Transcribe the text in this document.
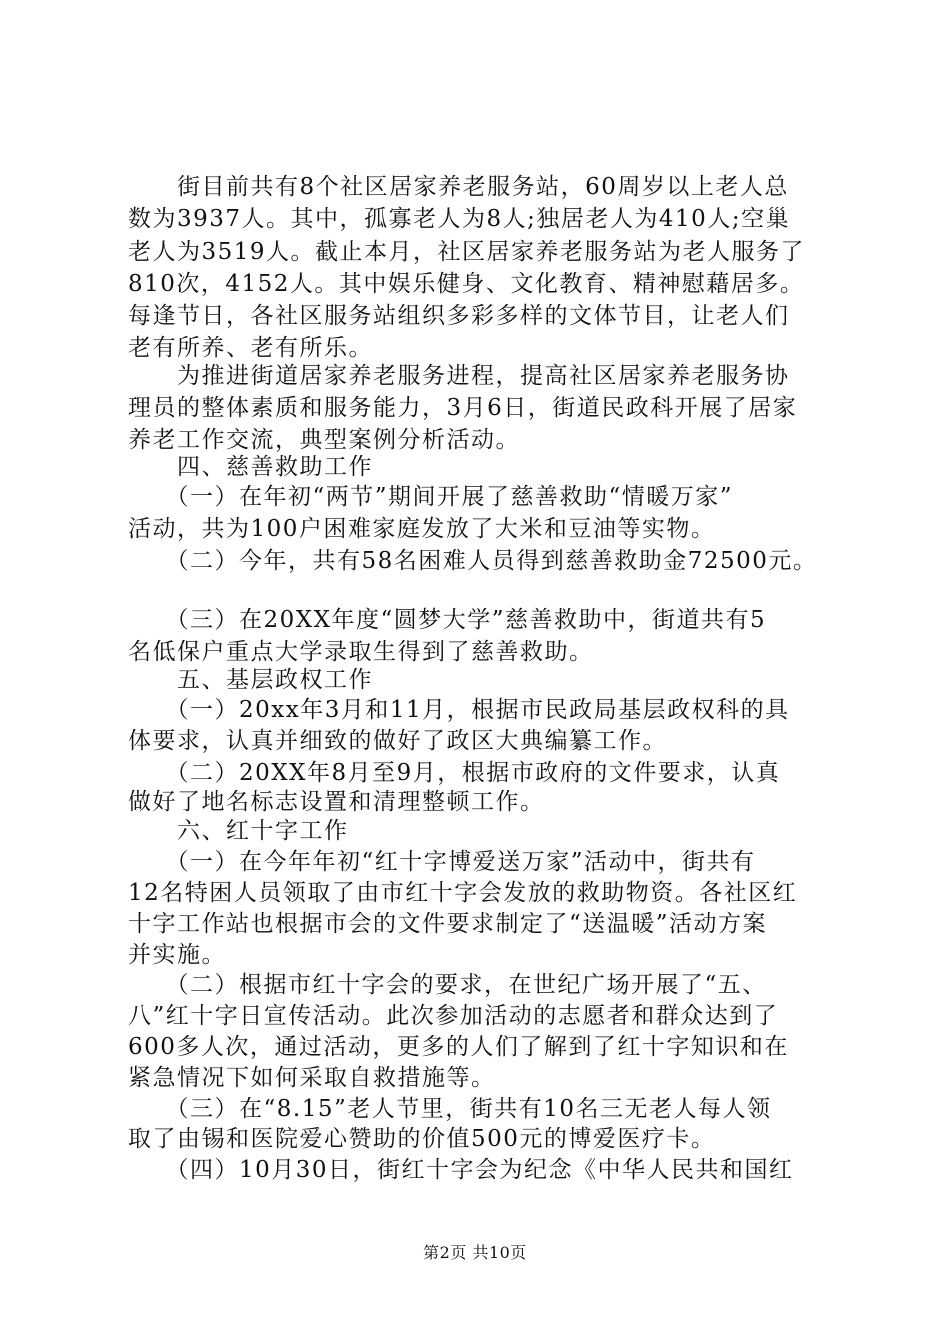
　　街目前共有8个社区居家养老服务站，60周岁以上老人总
数为3937人。其中，孤寡老人为8人;独居老人为410人;空巢
老人为3519人。截止本月，社区居家养老服务站为老人服务了
810次，4152人。其中娱乐健身、文化教育、精神慰藉居多。
每逢节日，各社区服务站组织多彩多样的文体节目，让老人们
老有所养、老有所乐。
　　为推进街道居家养老服务进程，提高社区居家养老服务协
理员的整体素质和服务能力，3月6日，街道民政科开展了居家
养老工作交流，典型案例分析活动。
　　四、慈善救助工作
　　（一）在年初“两节”期间开展了慈善救助“情暖万家”
活动，共为100户困难家庭发放了大米和豆油等实物。
　　（二）今年，共有58名困难人员得到慈善救助金72500元。
　　（三）在20XX年度“圆梦大学”慈善救助中，街道共有5
名低保户重点大学录取生得到了慈善救助。
　　五、基层政权工作
　　（一）20xx年3月和11月，根据市民政局基层政权科的具
体要求，认真并细致的做好了政区大典编纂工作。
　　（二）20XX年8月至9月，根据市政府的文件要求，认真
做好了地名标志设置和清理整顿工作。
　　六、红十字工作
　　（一）在今年年初“红十字博爱送万家”活动中，街共有
12名特困人员领取了由市红十字会发放的救助物资。各社区红
十字工作站也根据市会的文件要求制定了“送温暖”活动方案
并实施。
　　（二）根据市红十字会的要求，在世纪广场开展了“五、
八”红十字日宣传活动。此次参加活动的志愿者和群众达到了
600多人次，通过活动，更多的人们了解到了红十字知识和在
紧急情况下如何采取自救措施等。
　　（三）在“8.15”老人节里，街共有10名三无老人每人领
取了由锡和医院爱心赞助的价值500元的博爱医疗卡。
　　（四）10月30日，街红十字会为纪念《中华人民共和国红
第2页 共10页
